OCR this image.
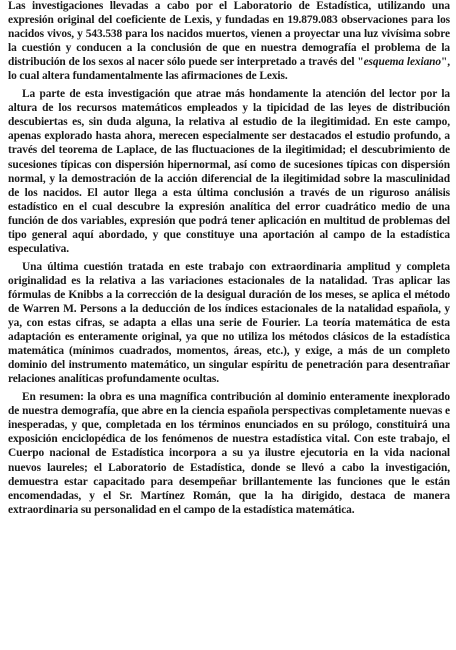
Las investigaciones llevadas a cabo por el Laboratorio de Estadística, utilizando una expresión original del coeficiente de Lexis, y fundadas en 19.879.083 observaciones para los nacidos vivos, y 543.538 para los nacidos muertos, vienen a proyectar una luz vivísima sobre la cuestión y conducen a la conclusión de que en nuestra demografía el problema de la distribución de los sexos al nacer sólo puede ser interpretado a través del "esquema lexiano", lo cual altera fundamentalmente las afirmaciones de Lexis.

La parte de esta investigación que atrae más hondamente la atención del lector por la altura de los recursos matemáticos empleados y la tipicidad de las leyes de distribución descubiertas es, sin duda alguna, la relativa al estudio de la ilegitimidad. En este campo, apenas explorado hasta ahora, merecen especialmente ser destacados el estudio profundo, a través del teorema de Laplace, de las fluctuaciones de la ilegitimidad; el descubrimiento de sucesiones típicas con dispersión hipernormal, así como de sucesiones típicas con dispersión normal, y la demostración de la acción diferencial de la ilegitimidad sobre la masculinidad de los nacidos. El autor llega a esta última conclusión a través de un riguroso análisis estadístico en el cual descubre la expresión analítica del error cuadrático medio de una función de dos variables, expresión que podrá tener aplicación en multitud de problemas del tipo general aquí abordado, y que constituye una aportación al campo de la estadística especulativa.

Una última cuestión tratada en este trabajo con extraordinaria amplitud y completa originalidad es la relativa a las variaciones estacionales de la natalidad. Tras aplicar las fórmulas de Knibbs a la corrección de la desigual duración de los meses, se aplica el método de Warren M. Persons a la deducción de los índices estacionales de la natalidad española, y ya, con estas cifras, se adapta a ellas una serie de Fourier. La teoría matemática de esta adaptación es enteramente original, ya que no utiliza los métodos clásicos de la estadística matemática (mínimos cuadrados, momentos, áreas, etc.), y exige, a más de un completo dominio del instrumento matemático, un singular espíritu de penetración para desentrañar relaciones analíticas profundamente ocultas.

En resumen: la obra es una magnífica contribución al dominio enteramente inexplorado de nuestra demografía, que abre en la ciencia española perspectivas completamente nuevas e inesperadas, y que, completada en los términos enunciados en su prólogo, constituirá una exposición enciclopédica de los fenómenos de nuestra estadística vital. Con este trabajo, el Cuerpo nacional de Estadística incorpora a su ya ilustre ejecutoria en la vida nacional nuevos laureles; el Laboratorio de Estadística, donde se llevó a cabo la investigación, demuestra estar capacitado para desempeñar brillantemente las funciones que le están encomendadas, y el Sr. Martínez Román, que la ha dirigido, destaca de manera extraordinaria su personalidad en el campo de la estadística matemática.
